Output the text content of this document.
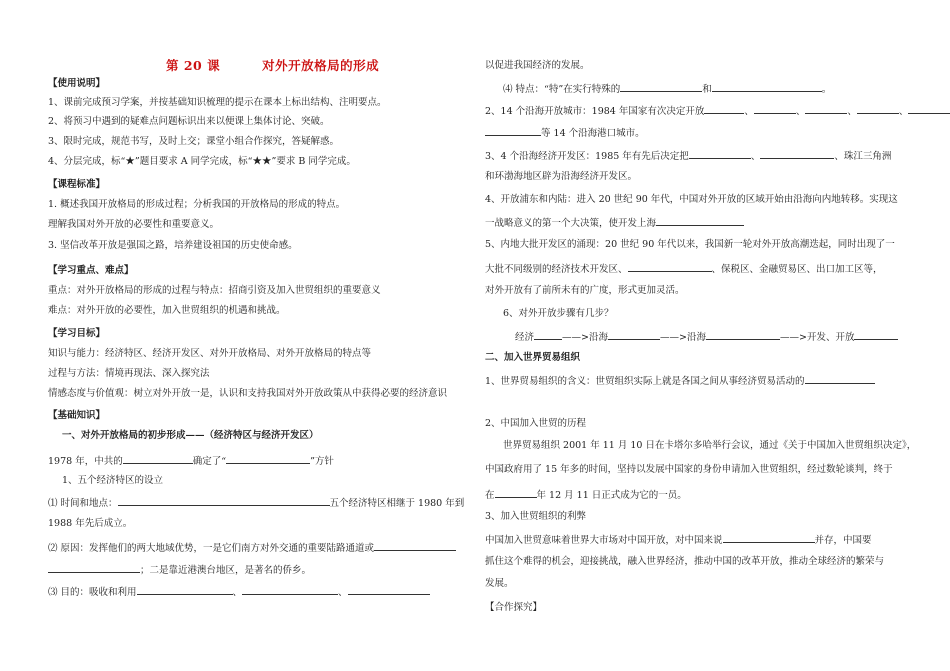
第 20 课	对外开放格局的形成
【使用说明】
1、课前完成预习学案，并按基础知识梳理的提示在课本上标出结构、注明要点。
2、将预习中遇到的疑难点问题标识出来以便课上集体讨论、突破。
3、限时完成，规范书写，及时上交；课堂小组合作探究，答疑解惑。
4、分层完成，标“★”题目要求 A 同学完成，标“★★”要求 B 同学完成。
【课程标准】
1. 概述我国开放格局的形成过程；分析我国的开放格局的形成的特点。
理解我国对外开放的必要性和重要意义。
3. 坚信改革开放是强国之路，培养建设祖国的历史使命感。
【学习重点、难点】
重点：对外开放格局的形成的过程与特点：招商引资及加入世贸组织的重要意义
难点：对外开放的必要性，加入世贸组织的机遇和挑战。
【学习目标】
知识与能力：经济特区、经济开发区、对外开放格局、对外开放格局的特点等
过程与方法：情境再现法、深入探究法
情感态度与价值观：树立对外开放一是，认识和支持我国对外开放政策从中获得必要的经济意识
【基础知识】
一、对外开放格局的初步形成——（经济特区与经济开发区）
1978 年，中共的	确定了“	”方针
1、五个经济特区的设立
⑴ 时间和地点：	五个经济特区相继于 1980 年到
1988 年先后成立。
⑵ 原因：发挥他们的两大地域优势，一是它们南方对外交通的重要陆路通道或
；二是靠近港澳台地区，是著名的侨乡。
⑶ 目的：吸收和利用	、	、
以促进我国经济的发展。
⑷ 特点：“特”在实行特殊的	和	。
2、14 个沿海开放城市：1984 年国家有次决定开放	、	、	、	、
等 14 个沿海港口城市。
3、4 个沿海经济开发区：1985 年有先后决定把	、	、珠江三角洲
和环渤海地区辟为沿海经济开发区。
4、开放浦东和内陆：进入 20 世纪 90 年代，中国对外开放的区域开始由沿海向内地转移。实现这
一战略意义的第一个大决策，使开发上海
5、内地大批开发区的涌现：20 世纪 90 年代以来，我国新一轮对外开放高潮迭起，同时出现了一
大批不同级别的经济技术开发区、	、保税区、金融贸易区、出口加工区等，
对外开放有了前所未有的广度，形式更加灵活。
6、对外开放步骤有几步？
经济	——>沿海	——>沿海	——>开发、开放
二、加入世界贸易组织
1、世界贸易组织的含义：世贸组织实际上就是各国之间从事经济贸易活动的
2、中国加入世贸的历程
世界贸易组织 2001 年 11 月 10 日在卡塔尔多哈举行会议，通过《关于中国加入世贸组织决定》，
中国政府用了 15 年多的时间，坚持以发展中国家的身份申请加入世贸组织，经过数轮谈判，终于
在	年 12 月 11 日正式成为它的一员。
3、加入世贸组织的利弊
中国加入世贸意味着世界大市场对中国开放，对中国来说	并存，中国要
抓住这个难得的机会，迎接挑战，融入世界经济，推动中国的改革开放，推动全球经济的繁荣与
发展。
【合作探究】
